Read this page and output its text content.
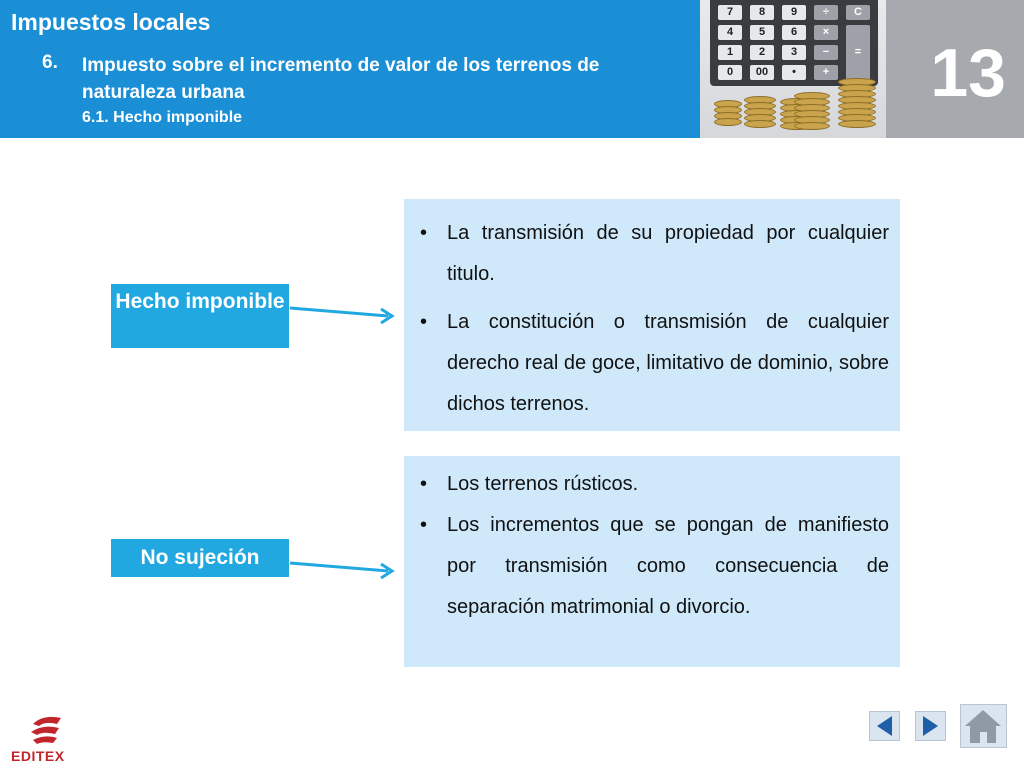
Impuestos locales
6. Impuesto sobre el incremento de valor de los terrenos de naturaleza urbana
6.1. Hecho imponible
7	8	9	÷	C
4	5	6	×
1	2	3	−
0	00	•	+
=	13
Hecho imponible
• La transmisión de su propiedad por cualquier titulo.
• La constitución o transmisión de cualquier derecho real de goce, limitativo de dominio, sobre dichos terrenos.
No sujeción
• Los terrenos rústicos.
• Los incrementos que se pongan de manifiesto por transmisión como consecuencia de separación matrimonial o divorcio.
EDITEX
